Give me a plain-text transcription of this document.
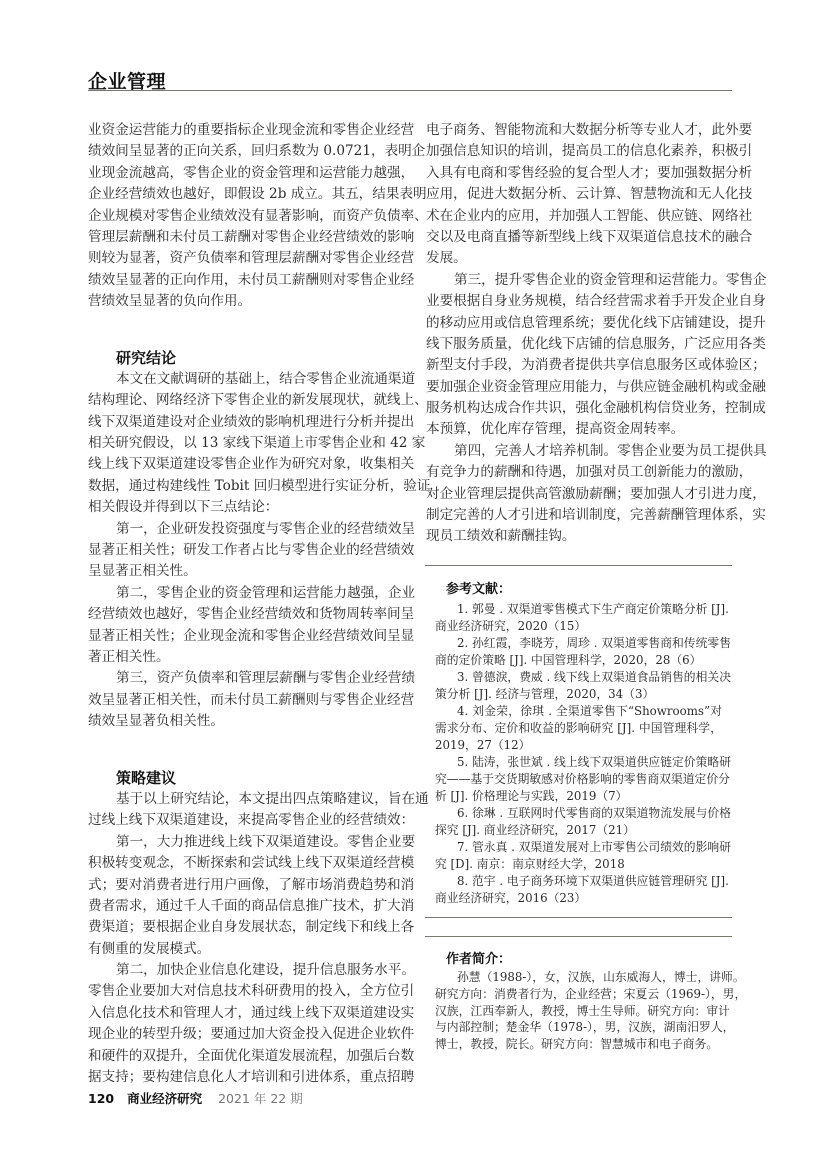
企业管理
业资金运营能力的重要指标企业现金流和零售企业经营
绩效间呈显著的正向关系，回归系数为 0.0721，表明企
业现金流越高，零售企业的资金管理和运营能力越强，
企业经营绩效也越好，即假设 2b 成立。其五，结果表明
企业规模对零售企业绩效没有显著影响，而资产负债率、
管理层薪酬和未付员工薪酬对零售企业经营绩效的影响
则较为显著，资产负债率和管理层薪酬对零售企业经营
绩效呈显著的正向作用，未付员工薪酬则对零售企业经
营绩效呈显著的负向作用。
研究结论
本文在文献调研的基础上，结合零售企业流通渠道
结构理论、网络经济下零售企业的新发展现状，就线上、
线下双渠道建设对企业绩效的影响机理进行分析并提出
相关研究假设，以 13 家线下渠道上市零售企业和 42 家
线上线下双渠道建设零售企业作为研究对象，收集相关
数据，通过构建线性 Tobit 回归模型进行实证分析，验证
相关假设并得到以下三点结论：
第一，企业研发投资强度与零售企业的经营绩效呈
显著正相关性；研发工作者占比与零售企业的经营绩效
呈显著正相关性。
第二，零售企业的资金管理和运营能力越强，企业
经营绩效也越好，零售企业经营绩效和货物周转率间呈
显著正相关性；企业现金流和零售企业经营绩效间呈显
著正相关性。
第三，资产负债率和管理层薪酬与零售企业经营绩
效呈显著正相关性，而未付员工薪酬则与零售企业经营
绩效呈显著负相关性。
策略建议
基于以上研究结论，本文提出四点策略建议，旨在通
过线上线下双渠道建设，来提高零售企业的经营绩效：
第一，大力推进线上线下双渠道建设。零售企业要
积极转变观念，不断探索和尝试线上线下双渠道经营模
式；要对消费者进行用户画像，了解市场消费趋势和消
费者需求，通过千人千面的商品信息推广技术，扩大消
费渠道；要根据企业自身发展状态，制定线下和线上各
有侧重的发展模式。
第二，加快企业信息化建设，提升信息服务水平。
零售企业要加大对信息技术科研费用的投入，全方位引
入信息化技术和管理人才，通过线上线下双渠道建设实
现企业的转型升级；要通过加大资金投入促进企业软件
和硬件的双提升，全面优化渠道发展流程，加强后台数
据支持；要构建信息化人才培训和引进体系，重点招聘
电子商务、智能物流和大数据分析等专业人才，此外要
加强信息知识的培训，提高员工的信息化素养，积极引
入具有电商和零售经验的复合型人才；要加强数据分析
应用，促进大数据分析、云计算、智慧物流和无人化技
术在企业内的应用，并加强人工智能、供应链、网络社
交以及电商直播等新型线上线下双渠道信息技术的融合
发展。
第三，提升零售企业的资金管理和运营能力。零售企
业要根据自身业务规模，结合经营需求着手开发企业自身
的移动应用或信息管理系统；要优化线下店铺建设，提升
线下服务质量，优化线下店铺的信息服务，广泛应用各类
新型支付手段，为消费者提供共享信息服务区或体验区；
要加强企业资金管理应用能力，与供应链金融机构或金融
服务机构达成合作共识，强化金融机构信贷业务，控制成
本预算，优化库存管理，提高资金周转率。
第四，完善人才培养机制。零售企业要为员工提供具
有竞争力的薪酬和待遇，加强对员工创新能力的激励，
对企业管理层提供高管激励薪酬；要加强人才引进力度，
制定完善的人才引进和培训制度，完善薪酬管理体系，实
现员工绩效和薪酬挂钩。
参考文献：
1. 郭曼 . 双渠道零售模式下生产商定价策略分析 [J].
商业经济研究，2020（15）
2. 孙红霞，李晓芳，周珍 . 双渠道零售商和传统零售
商的定价策略 [J]. 中国管理科学，2020，28（6）
3. 曾德淚，费威 . 线下线上双渠道食品销售的相关决
策分析 [J]. 经济与管理，2020，34（3）
4. 刘金荣，徐琪 . 全渠道零售下“Showrooms”对
需求分布、定价和收益的影响研究 [J]. 中国管理科学，
2019，27（12）
5. 陆涛，张世斌 . 线上线下双渠道供应链定价策略研
究——基于交货期敏感对价格影响的零售商双渠道定价分
析 [J]. 价格理论与实践，2019（7）
6. 徐琳 . 互联网时代零售商的双渠道物流发展与价格
探究 [J]. 商业经济研究，2017（21）
7. 管永真 . 双渠道发展对上市零售公司绩效的影响研
究 [D]. 南京：南京财经大学，2018
8. 范宇 . 电子商务环境下双渠道供应链管理研究 [J].
商业经济研究，2016（23）
作者简介：
孙慧（1988-），女，汉族，山东威海人，博士，讲师。
研究方向：消费者行为，企业经营；宋夏云（1969-），男，
汉族，江西奉新人，教授，博士生导师。研究方向：审计
与内部控制；楚金华（1978-），男，汉族，湖南汨罗人，
博士，教授，院长。研究方向：智慧城市和电子商务。
120 商业经济研究 2021 年 22 期
